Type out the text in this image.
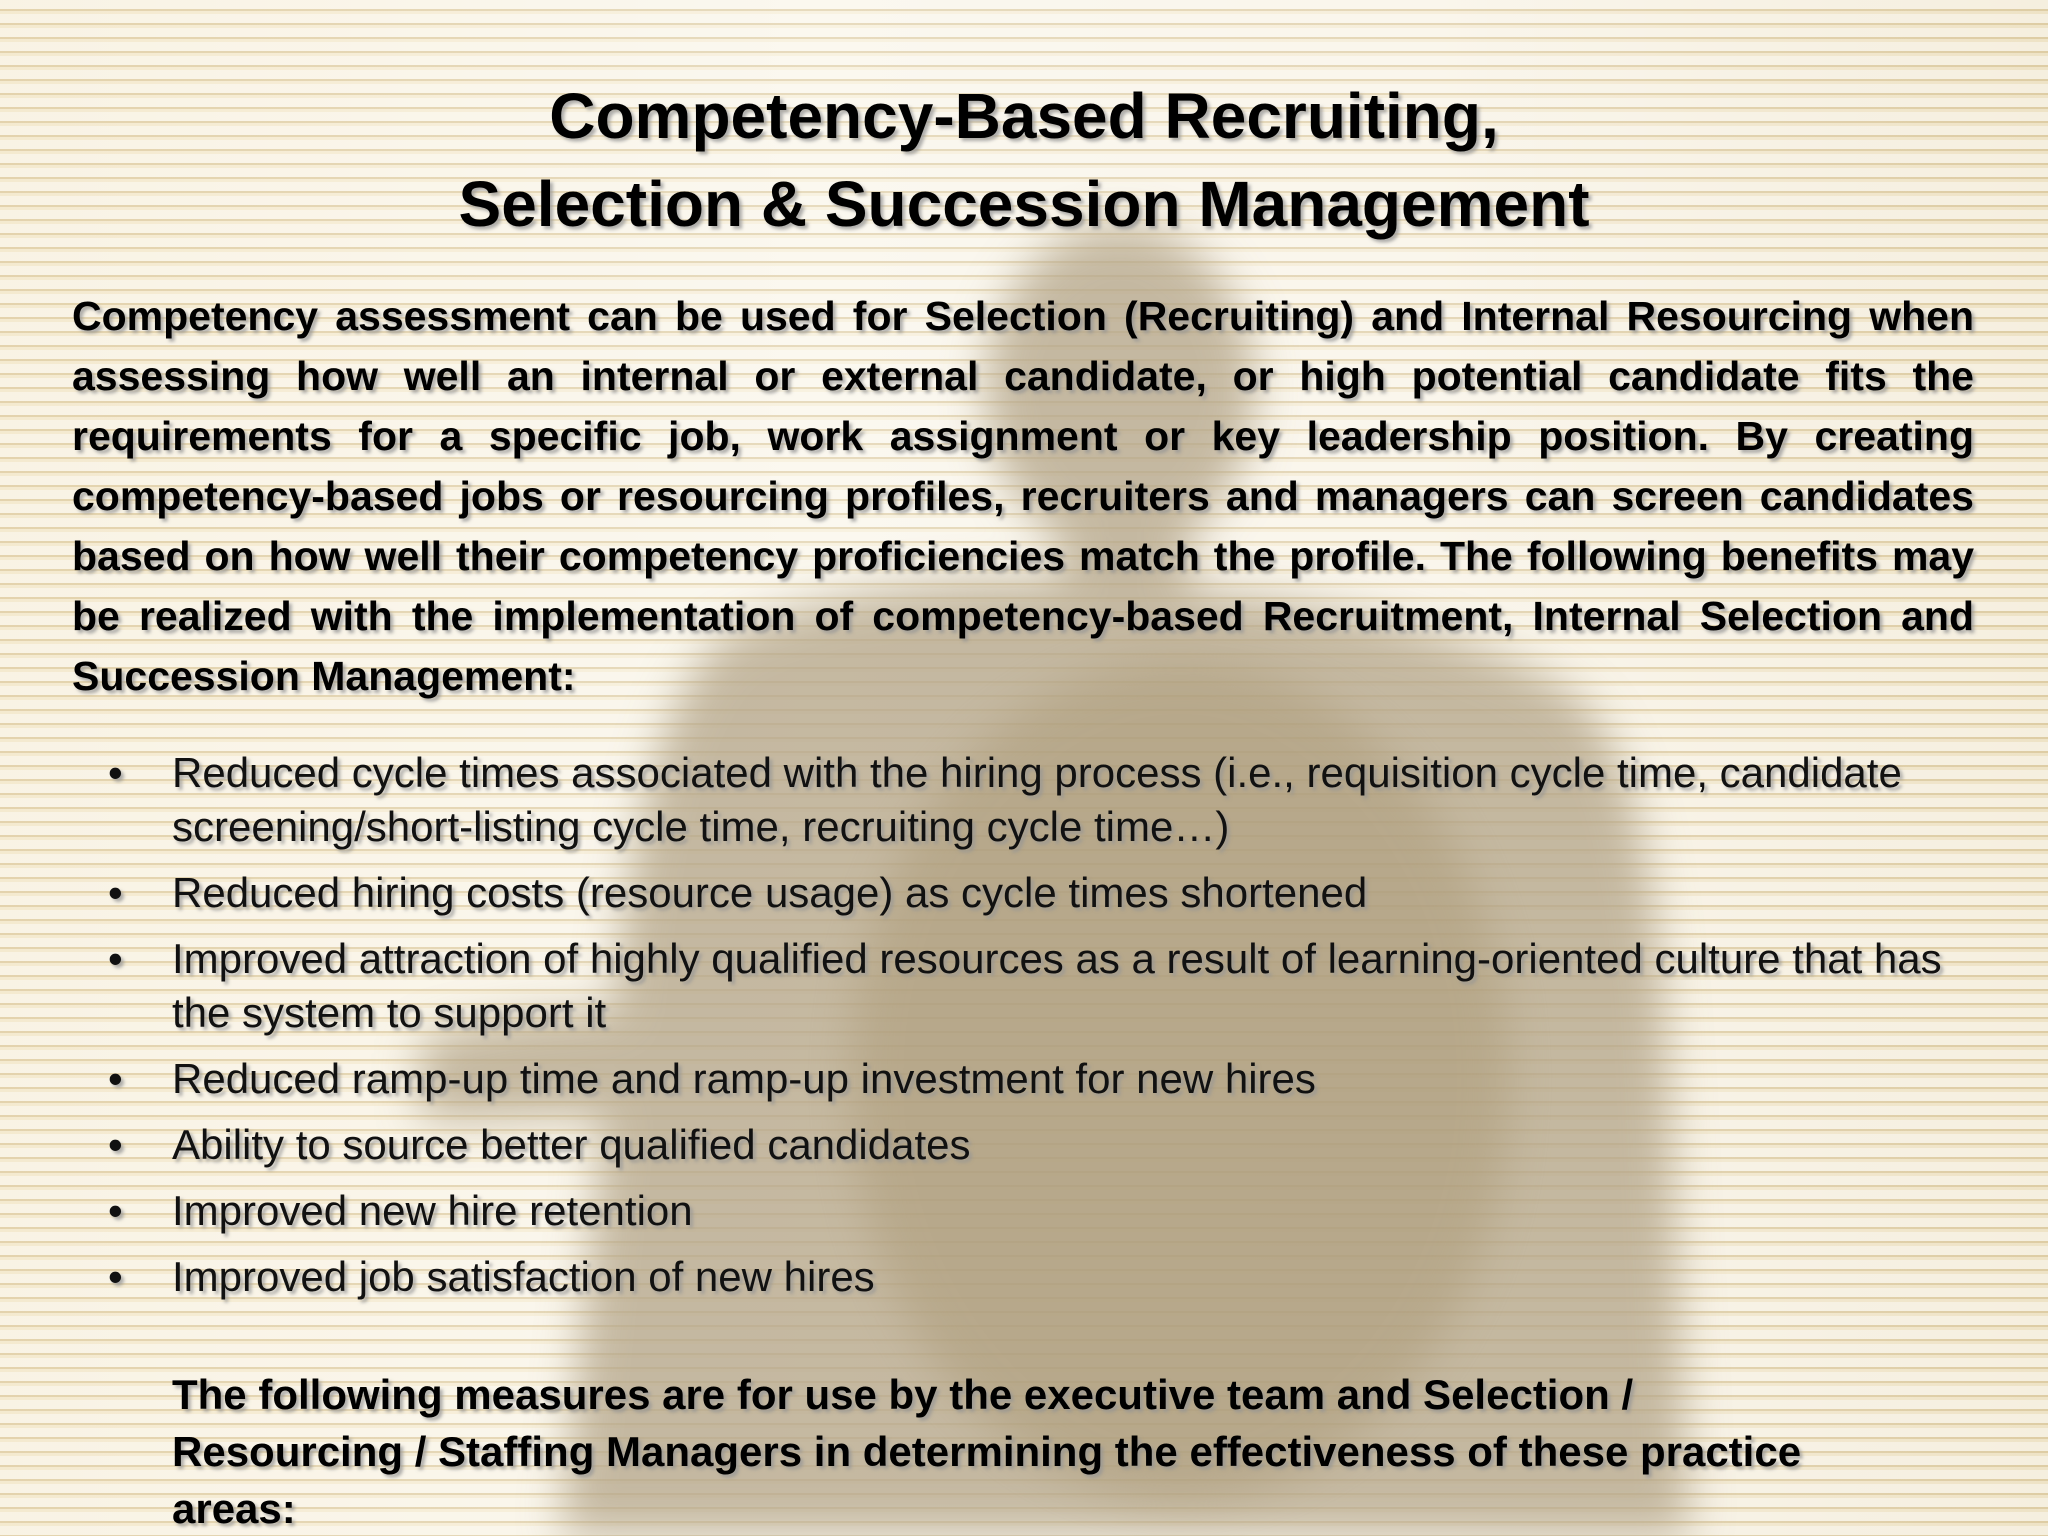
Competency-Based Recruiting,
Selection & Succession Management

Competency assessment can be used for Selection (Recruiting) and Internal Resourcing when assessing how well an internal or external candidate, or high potential candidate fits the requirements for a specific job, work assignment or key leadership position. By creating competency-based jobs or resourcing profiles, recruiters and managers can screen candidates based on how well their competency proficiencies match the profile. The following benefits may be realized with the implementation of competency-based Recruitment, Internal Selection and Succession Management:

• Reduced cycle times associated with the hiring process (i.e., requisition cycle time, candidate screening/short-listing cycle time, recruiting cycle time…)
• Reduced hiring costs (resource usage) as cycle times shortened
• Improved attraction of highly qualified resources as a result of learning-oriented culture that has the system to support it
• Reduced ramp-up time and ramp-up investment for new hires
• Ability to source better qualified candidates
• Improved new hire retention
• Improved job satisfaction of new hires

The following measures are for use by the executive team and Selection / Resourcing / Staffing Managers in determining the effectiveness of these practice areas:
